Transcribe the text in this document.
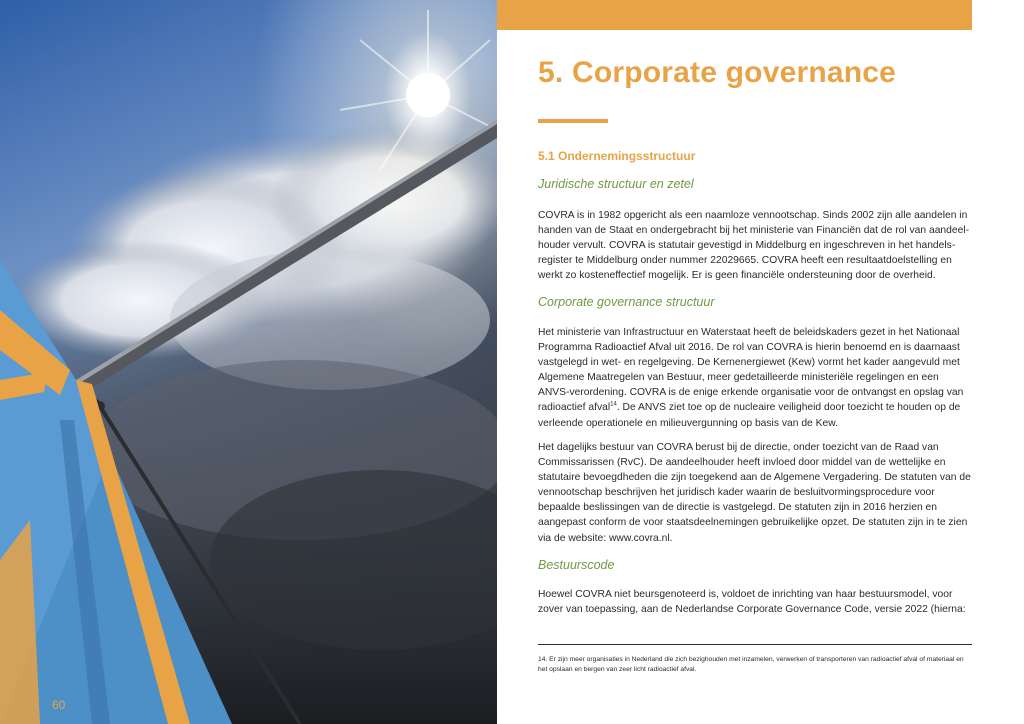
60
5. Corporate governance
5.1 Ondernemingsstructuur
Juridische structuur en zetel

COVRA is in 1982 opgericht als een naamloze vennootschap. Sinds 2002 zijn alle aandelen in handen van de Staat en ondergebracht bij het ministerie van Financiën dat de rol van aandeelhouder vervult. COVRA is statutair gevestigd in Middelburg en ingeschreven in het handelsregister te Middelburg onder nummer 22029665. COVRA heeft een resultaatdoelstelling en werkt zo kosteneffectief mogelijk. Er is geen financiële ondersteuning door de overheid.

Corporate governance structuur

Het ministerie van Infrastructuur en Waterstaat heeft de beleidskaders gezet in het Nationaal Programma Radioactief Afval uit 2016. De rol van COVRA is hierin benoemd en is daarnaast vastgelegd in wet- en regelgeving. De Kernenergiewet (Kew) vormt het kader aangevuld met Algemene Maatregelen van Bestuur, meer gedetailleerde ministeriële regelingen en een ANVS-verordening. COVRA is de enige erkende organisatie voor de ontvangst en opslag van radioactief afval$^{14}$. De ANVS ziet toe op de nucleaire veiligheid door toezicht te houden op de verleende operationele en milieuvergunning op basis van de Kew.

Het dagelijks bestuur van COVRA berust bij de directie, onder toezicht van de Raad van Commissarissen (RvC). De aandeelhouder heeft invloed door middel van de wettelijke en statutaire bevoegdheden die zijn toegekend aan de Algemene Vergadering. De statuten van de vennootschap beschrijven het juridisch kader waarin de besluitvormingsprocedure voor bepaalde beslissingen van de directie is vastgelegd. De statuten zijn in 2016 herzien en aangepast conform de voor staatsdeelnemingen gebruikelijke opzet. De statuten zijn in te zien via de website: www.covra.nl.

Bestuurscode

Hoewel COVRA niet beursgenoteerd is, voldoet de inrichting van haar bestuursmodel, voor zover van toepassing, aan de Nederlandse Corporate Governance Code, versie 2022 (hierna:

14. Er zijn meer organisaties in Nederland die zich bezighouden met inzamelen, verwerken of transporteren van radioactief afval of materiaal en het opslaan en bergen van zeer licht radioactief afval.
